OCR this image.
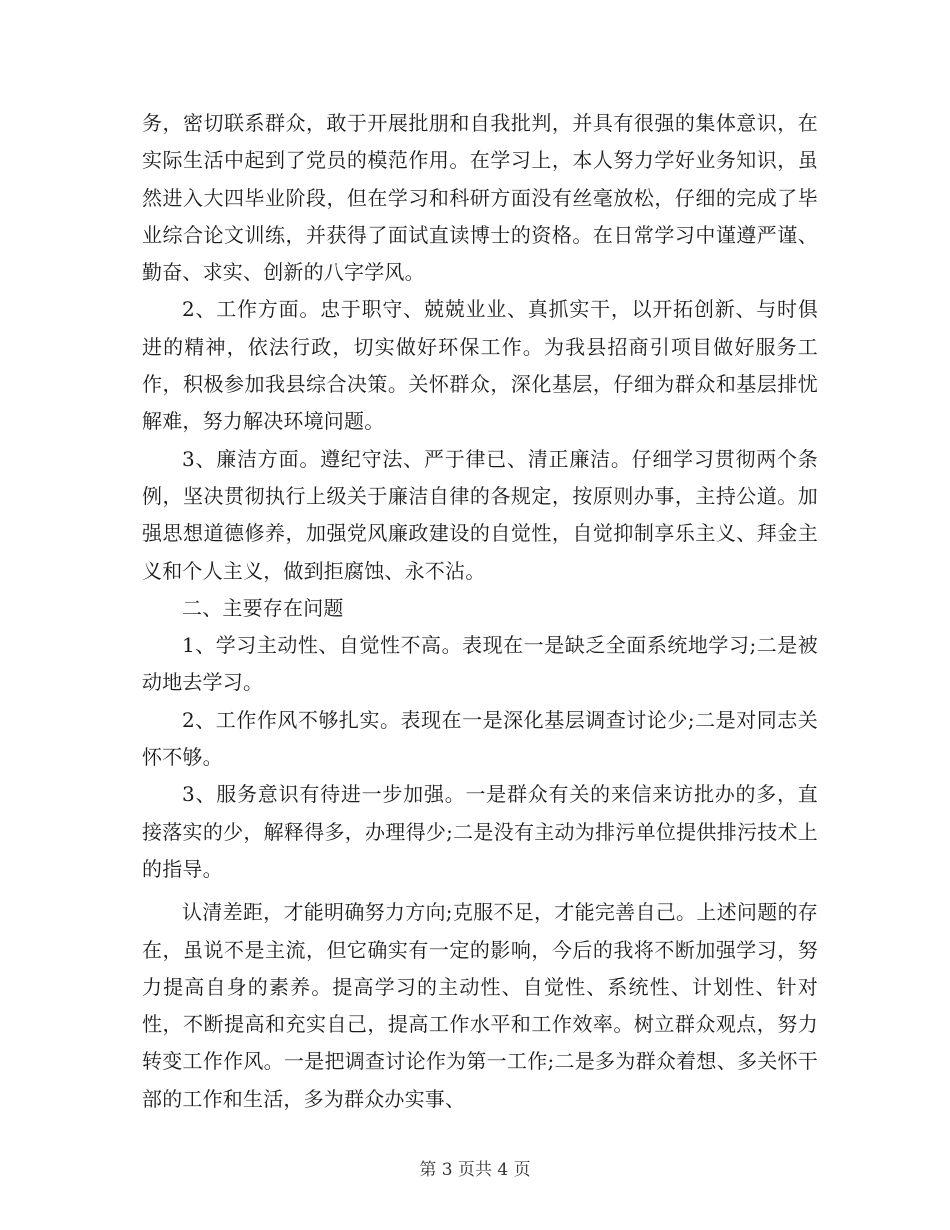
务，密切联系群众，敢于开展批朋和自我批判，并具有很强的集体意识，在实际生活中起到了党员的模范作用。在学习上，本人努力学好业务知识，虽然进入大四毕业阶段，但在学习和科研方面没有丝毫放松，仔细的完成了毕业综合论文训练，并获得了面试直读博士的资格。在日常学习中谨遵严谨、勤奋、求实、创新的八字学风。

2、工作方面。忠于职守、兢兢业业、真抓实干，以开拓创新、与时俱进的精神，依法行政，切实做好环保工作。为我县招商引项目做好服务工作，积极参加我县综合决策。关怀群众，深化基层，仔细为群众和基层排忧解难，努力解决环境问题。

3、廉洁方面。遵纪守法、严于律已、清正廉洁。仔细学习贯彻两个条例，坚决贯彻执行上级关于廉洁自律的各规定，按原则办事，主持公道。加强思想道德修养，加强党风廉政建设的自觉性，自觉抑制享乐主义、拜金主义和个人主义，做到拒腐蚀、永不沾。

二、主要存在问题

1、学习主动性、自觉性不高。表现在一是缺乏全面系统地学习;二是被动地去学习。

2、工作作风不够扎实。表现在一是深化基层调查讨论少;二是对同志关怀不够。

3、服务意识有待进一步加强。一是群众有关的来信来访批办的多，直接落实的少，解释得多，办理得少;二是没有主动为排污单位提供排污技术上的指导。

认清差距，才能明确努力方向;克服不足，才能完善自己。上述问题的存在，虽说不是主流，但它确实有一定的影响，今后的我将不断加强学习，努力提高自身的素养。提高学习的主动性、自觉性、系统性、计划性、针对性，不断提高和充实自己，提高工作水平和工作效率。树立群众观点，努力转变工作作风。一是把调查讨论作为第一工作;二是多为群众着想、多关怀干部的工作和生活，多为群众办实事、

第 3 页共 4 页
